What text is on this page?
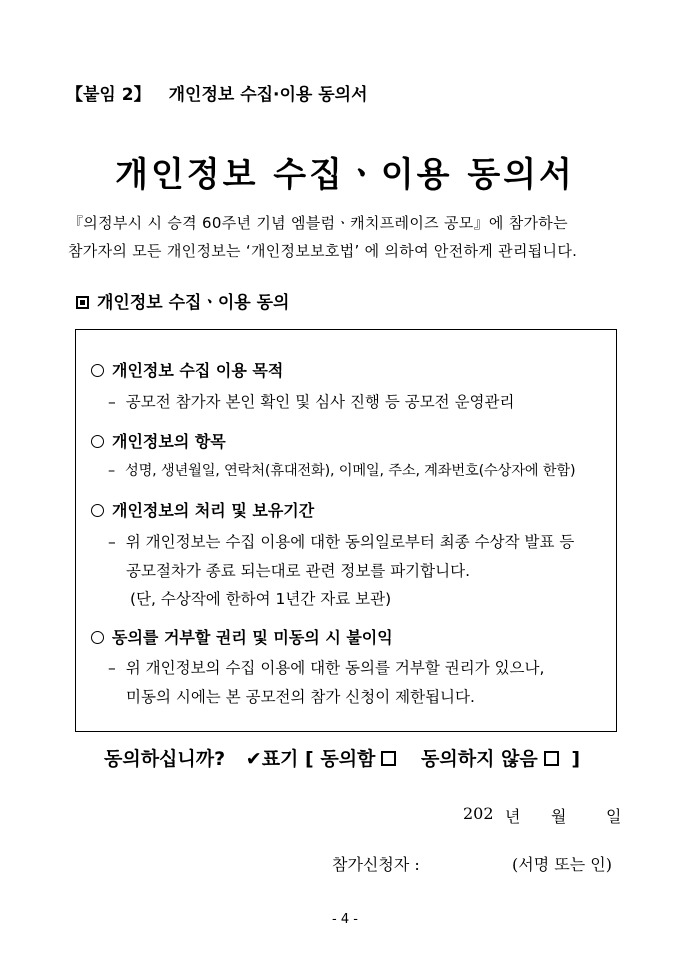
【붙임 2】 개인정보 수집·이용 동의서
개인정보 수집ㆍ이용 동의서
『의정부시 시 승격 60주년 기념 엠블럼ㆍ캐치프레이즈 공모』에 참가하는
참가자의 모든 개인정보는 ‘개인정보보호법’ 에 의하여 안전하게 관리됩니다.
개인정보 수집ㆍ이용 동의
개인정보 수집 이용 목적
– 공모전 참가자 본인 확인 및 심사 진행 등 공모전 운영관리
개인정보의 항목
– 성명, 생년월일, 연락처(휴대전화), 이메일, 주소, 계좌번호(수상자에 한함)
개인정보의 처리 및 보유기간
– 위 개인정보는 수집 이용에 대한 동의일로부터 최종 수상작 발표 등
공모절차가 종료 되는대로 관련 정보를 파기합니다.
(단, 수상작에 한하여 1년간 자료 보관)
동의를 거부할 권리 및 미동의 시 불이익
– 위 개인정보의 수집 이용에 대한 동의를 거부할 권리가 있으나,
미동의 시에는 본 공모전의 참가 신청이 제한됩니다.
동의하십니까? ✔표기 [ 동의함 동의하지 않음 ]
202 년 월 일
참가신청자 :	(서명 또는 인)
- 4 -
